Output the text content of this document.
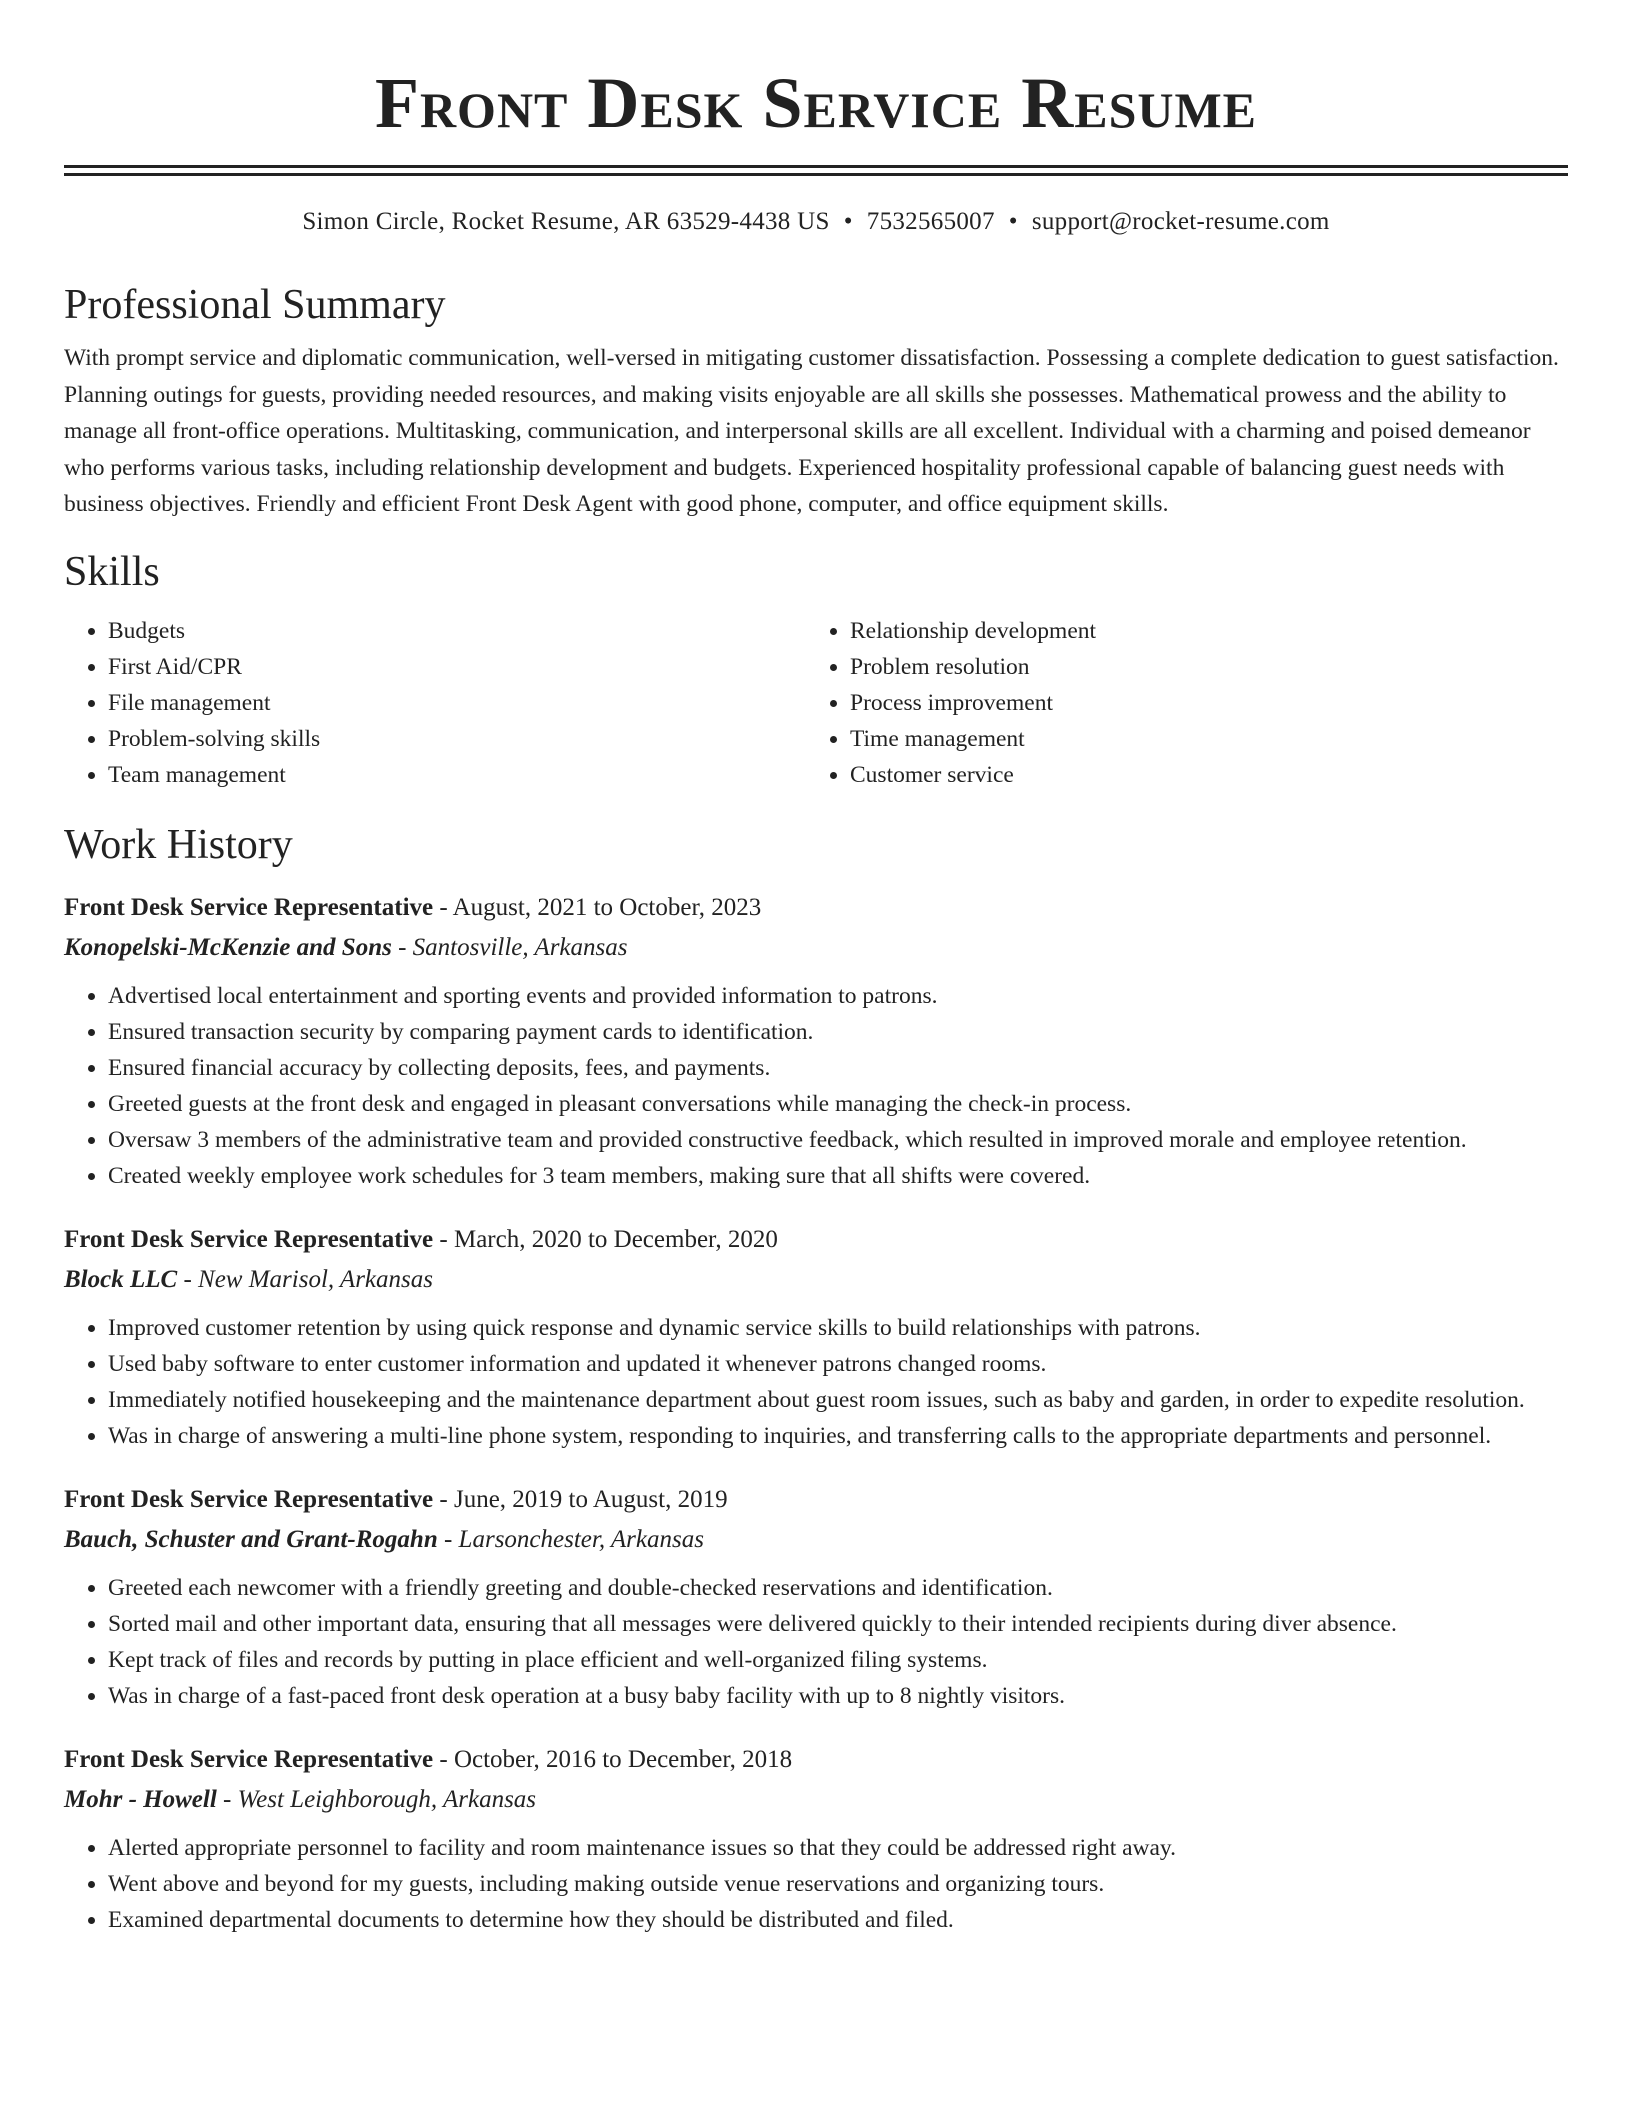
Front Desk Service Resume
Simon Circle, Rocket Resume, AR 63529-4438 US • 7532565007 • support@rocket-resume.com
Professional Summary

With prompt service and diplomatic communication, well-versed in mitigating customer dissatisfaction. Possessing a complete dedication to guest satisfaction. Planning outings for guests, providing needed resources, and making visits enjoyable are all skills she possesses. Mathematical prowess and the ability to manage all front-office operations. Multitasking, communication, and interpersonal skills are all excellent. Individual with a charming and poised demeanor who performs various tasks, including relationship development and budgets. Experienced hospitality professional capable of balancing guest needs with business objectives. Friendly and efficient Front Desk Agent with good phone, computer, and office equipment skills.

Skills
• Budgets
• First Aid/CPR
• File management
• Problem-solving skills
• Team management
• Relationship development
• Problem resolution
• Process improvement
• Time management
• Customer service
Work History
Front Desk Service Representative - August, 2021 to October, 2023
Konopelski-McKenzie and Sons - Santosville, Arkansas
• Advertised local entertainment and sporting events and provided information to patrons.
• Ensured transaction security by comparing payment cards to identification.
• Ensured financial accuracy by collecting deposits, fees, and payments.
• Greeted guests at the front desk and engaged in pleasant conversations while managing the check-in process.
• Oversaw 3 members of the administrative team and provided constructive feedback, which resulted in improved morale and employee retention.
• Created weekly employee work schedules for 3 team members, making sure that all shifts were covered.
Front Desk Service Representative - March, 2020 to December, 2020
Block LLC - New Marisol, Arkansas
• Improved customer retention by using quick response and dynamic service skills to build relationships with patrons.
• Used baby software to enter customer information and updated it whenever patrons changed rooms.
• Immediately notified housekeeping and the maintenance department about guest room issues, such as baby and garden, in order to expedite resolution.
• Was in charge of answering a multi-line phone system, responding to inquiries, and transferring calls to the appropriate departments and personnel.
Front Desk Service Representative - June, 2019 to August, 2019
Bauch, Schuster and Grant-Rogahn - Larsonchester, Arkansas
• Greeted each newcomer with a friendly greeting and double-checked reservations and identification.
• Sorted mail and other important data, ensuring that all messages were delivered quickly to their intended recipients during diver absence.
• Kept track of files and records by putting in place efficient and well-organized filing systems.
• Was in charge of a fast-paced front desk operation at a busy baby facility with up to 8 nightly visitors.
Front Desk Service Representative - October, 2016 to December, 2018
Mohr - Howell - West Leighborough, Arkansas
• Alerted appropriate personnel to facility and room maintenance issues so that they could be addressed right away.
• Went above and beyond for my guests, including making outside venue reservations and organizing tours.
• Examined departmental documents to determine how they should be distributed and filed.
